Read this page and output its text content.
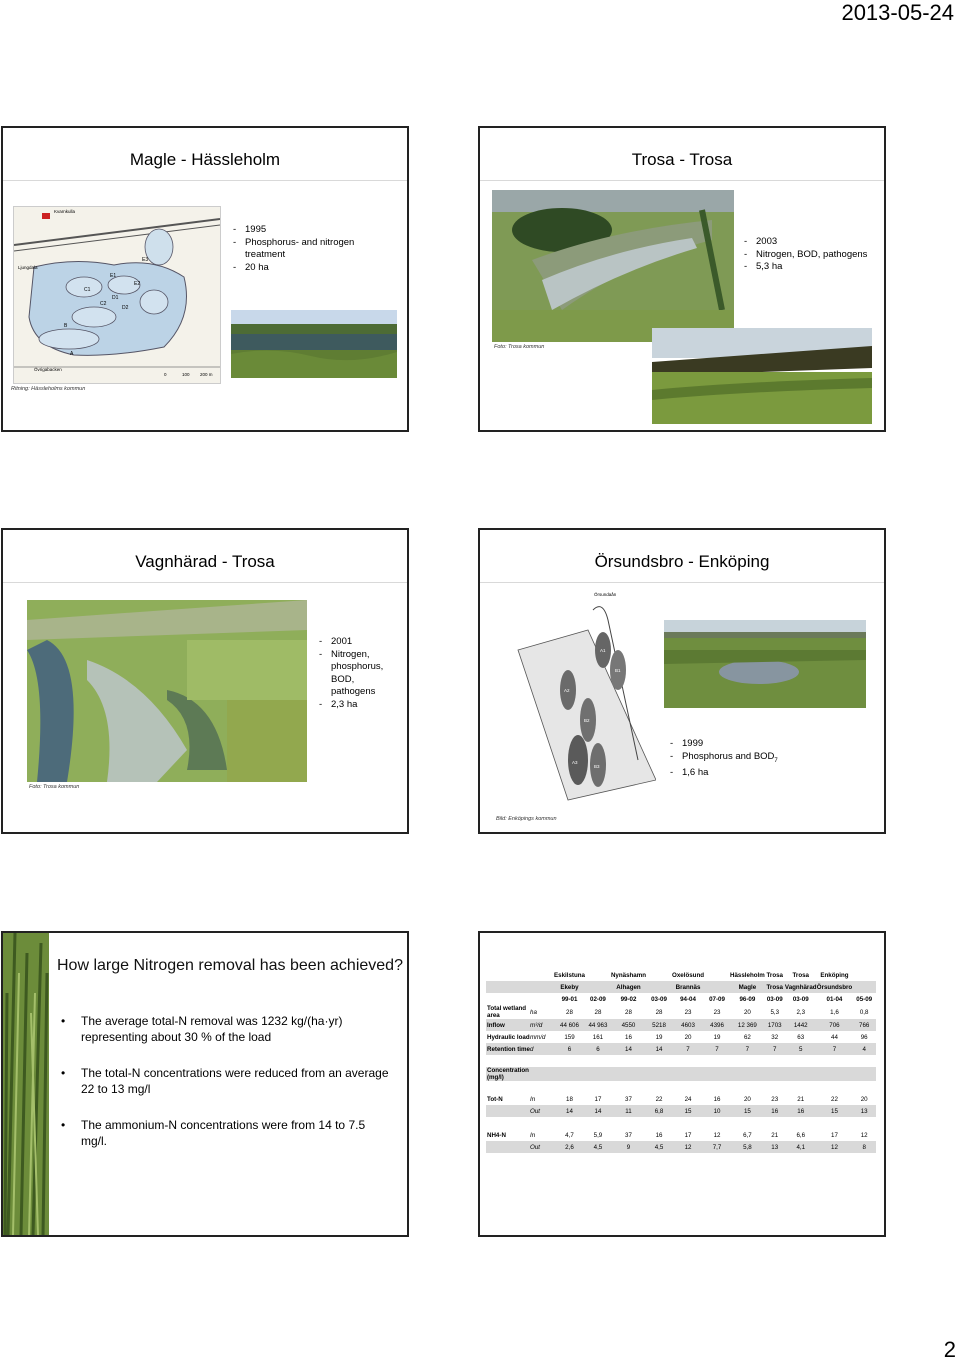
2013-05-24
Magle - Hässleholm
Ljungdala
Kvarnkulla
Övrigabacken
E1
E2
E3
C1
C2
D1
D2
B
A
0	100 200 m
- 1995
- Phosphorus- and nitrogen treatment
- 20 ha
Ritning: Hässleholms kommun
Trosa - Trosa
Foto: Trosa kommun
- 2003
- Nitrogen, BOD, pathogens
- 5,3 ha
Vagnhärad - Trosa
- 2001
- Nitrogen, phosphorus, BOD, pathogens
- 2,3 ha
Foto: Trosa kommun
Örsundsbro - Enköping
Örsundaån
A1
B1
A2
B2
A3
B3
- 1999
- Phosphorus and $BOD_7$
- 1,6 ha
Bild: Enköpings kommun
How large Nitrogen removal has been achieved?

• The average total-N removal was 1232 kg/(ha·yr) representing about 30 % of the load

• The total-N concentrations were reduced from an average 22 to 13 mg/l

• The ammonium-N concentrations were from 14 to 7.5 mg/l.

		Eskilstuna		Nynäshamn		Oxelösund		Hässleholm	Trosa	Trosa	Enköping	
		Ekeby		Alhagen		Brannäs		Magle	Trosa	Vagnhärad	Örsundsbro	
		99-01	02-09	99-02	03-09	94-04	07-09	96-09	03-09	03-09	01-04	05-09
Total wetland area	ha	28	28	28	28	23	23	20	5,3	2,3	1,6	0,8
Inflow	m³/d	44 606	44 963	4550	5218	4603	4396	12 369	1703	1442	706	766
Hydraulic load	mm/d	159	161	16	19	20	19	62	32	63	44	96
Retention time	d	6	6	14	14	7	7	7	7	5	7	4

Concentration (mg/l)												

Tot-N	In	18	17	37	22	24	16	20	23	21	22	20
	Out	14	14	11	6,8	15	10	15	16	16	15	13

NH4-N	In	4,7	5,9	37	16	17	12	6,7	21	6,6	17	12
	Out	2,6	4,5	9	4,5	12	7,7	5,8	13	4,1	12	8
2
